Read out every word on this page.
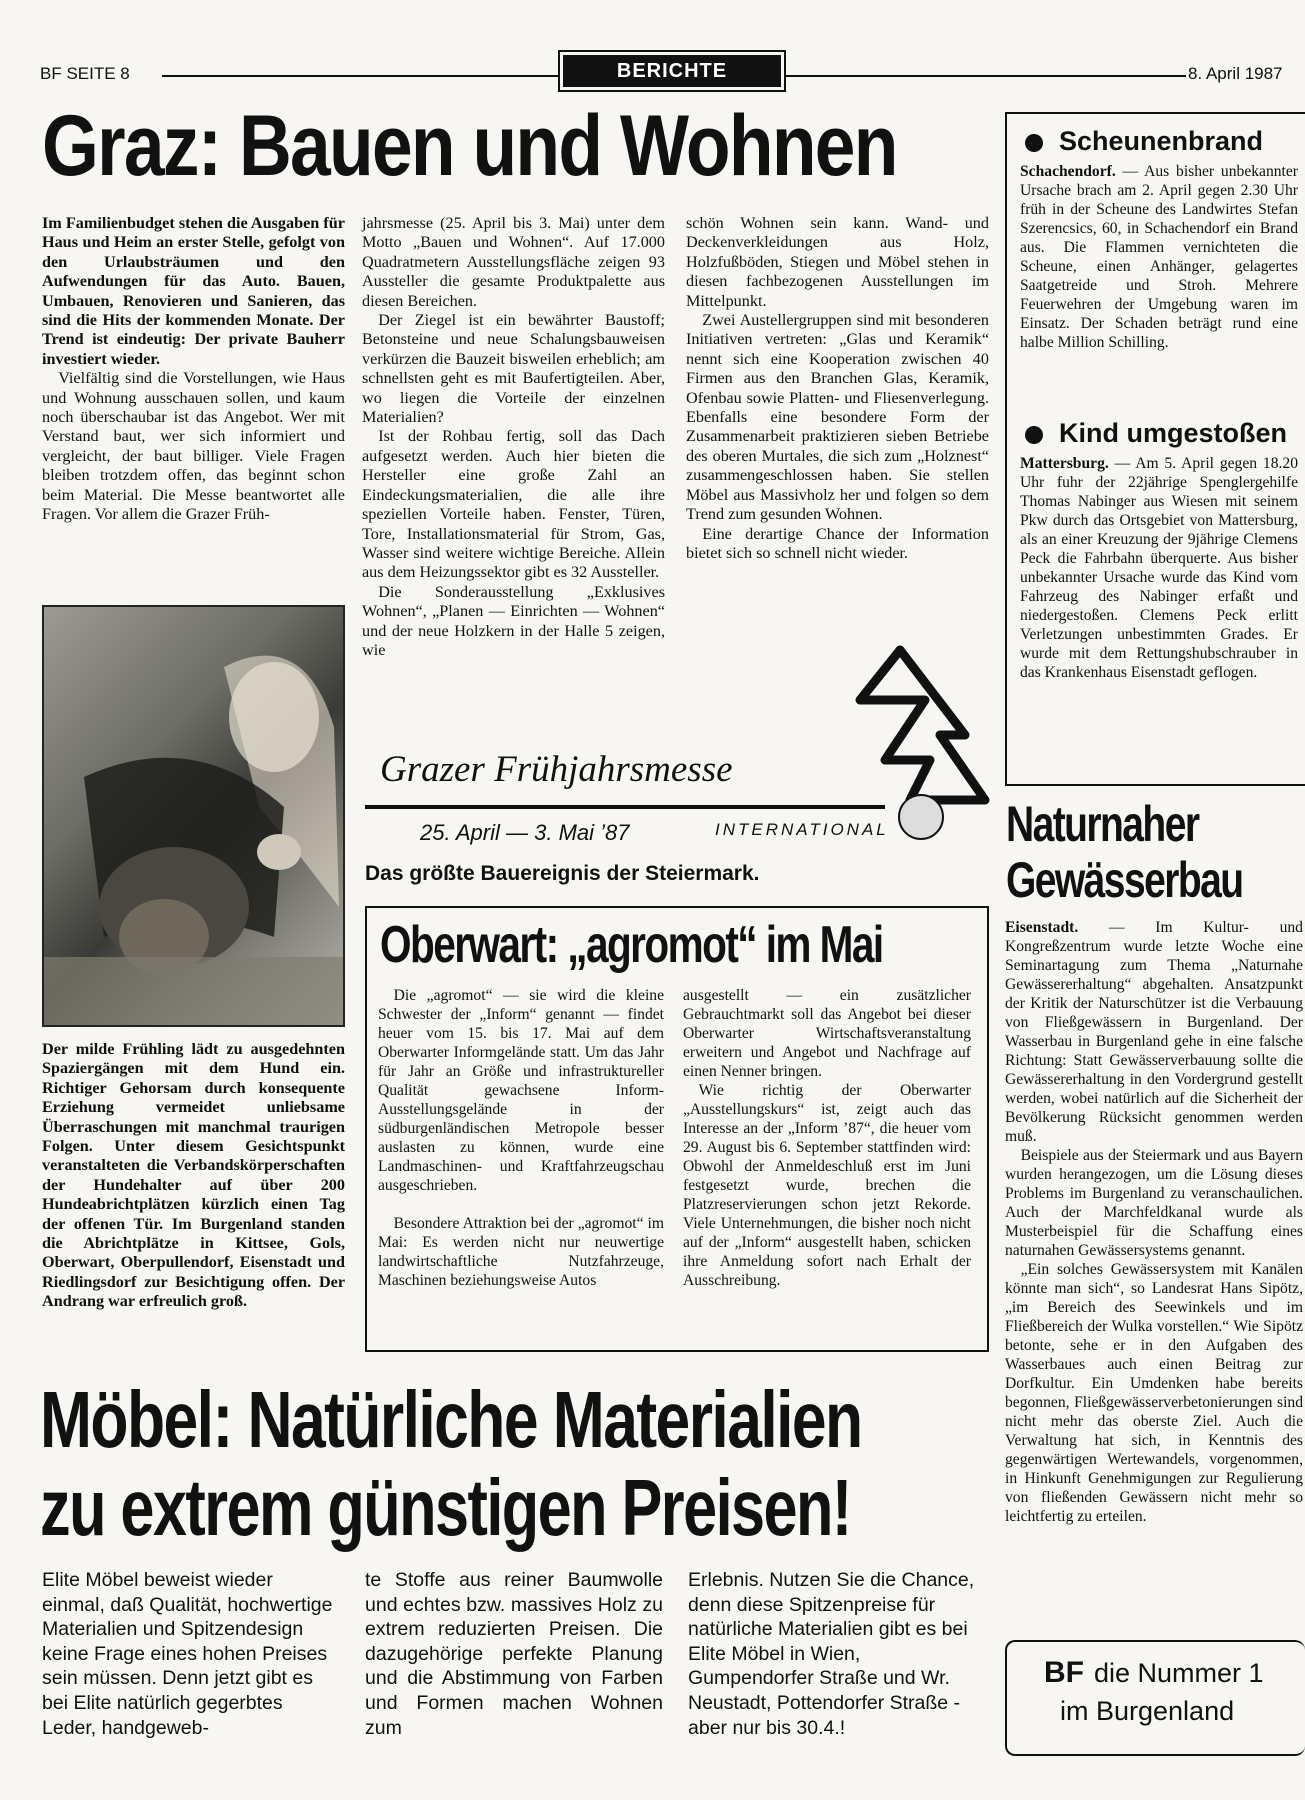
BF SEITE 8	BERICHTE	8. April 1987
Graz: Bauen und Wohnen

Im Familienbudget stehen die Ausgaben für Haus und Heim an erster Stelle, gefolgt von den Urlaubsträumen und den Aufwendungen für das Auto. Bauen, Umbauen, Renovieren und Sanieren, das sind die Hits der kommenden Monate. Der Trend ist eindeutig: Der private Bauherr investiert wieder.

Vielfältig sind die Vorstellungen, wie Haus und Wohnung ausschauen sollen, und kaum noch überschaubar ist das Angebot. Wer mit Verstand baut, wer sich informiert und vergleicht, der baut billiger. Viele Fragen bleiben trotzdem offen, das beginnt schon beim Material. Die Messe beantwortet alle Fragen. Vor allem die Grazer Früh-

Der milde Frühling lädt zu ausgedehnten Spaziergängen mit dem Hund ein. Richtiger Gehorsam durch konsequente Erziehung vermeidet unliebsame Überraschungen mit manchmal traurigen Folgen. Unter diesem Gesichtspunkt veranstalteten die Verbandskörperschaften der Hundehalter auf über 200 Hundeabrichtplätzen kürzlich einen Tag der offenen Tür. Im Burgenland standen die Abrichtplätze in Kittsee, Gols, Oberwart, Oberpullendorf, Eisenstadt und Riedlingsdorf zur Besichtigung offen. Der Andrang war erfreulich groß.

jahrsmesse (25. April bis 3. Mai) unter dem Motto „Bauen und Wohnen“. Auf 17.000 Quadratmetern Ausstellungsfläche zeigen 93 Aussteller die gesamte Produktpalette aus diesen Bereichen.

Der Ziegel ist ein bewährter Baustoff; Betonsteine und neue Schalungsbauweisen verkürzen die Bauzeit bisweilen erheblich; am schnellsten geht es mit Baufertigteilen. Aber, wo liegen die Vorteile der einzelnen Materialien?

Ist der Rohbau fertig, soll das Dach aufgesetzt werden. Auch hier bieten die Hersteller eine große Zahl an Eindeckungsmaterialien, die alle ihre speziellen Vorteile haben. Fenster, Türen, Tore, Installationsmaterial für Strom, Gas, Wasser sind weitere wichtige Bereiche. Allein aus dem Heizungssektor gibt es 32 Aussteller.

Die Sonderausstellung „Exklusives Wohnen“, „Planen — Einrichten — Wohnen“ und der neue Holzkern in der Halle 5 zeigen, wie

schön Wohnen sein kann. Wand- und Deckenverkleidungen aus Holz, Holzfußböden, Stiegen und Möbel stehen in diesen fachbezogenen Ausstellungen im Mittelpunkt.

Zwei Austellergruppen sind mit besonderen Initiativen vertreten: „Glas und Keramik“ nennt sich eine Kooperation zwischen 40 Firmen aus den Branchen Glas, Keramik, Ofenbau sowie Platten- und Fliesenverlegung. Ebenfalls eine besondere Form der Zusammenarbeit praktizieren sieben Betriebe des oberen Murtales, die sich zum „Holznest“ zusammengeschlossen haben. Sie stellen Möbel aus Massivholz her und folgen so dem Trend zum gesunden Wohnen.

Eine derartige Chance der Information bietet sich so schnell nicht wieder.

Grazer Frühjahrsmesse
25. April — 3. Mai ’87	INTERNATIONAL
Das größte Bauereignis der Steiermark.
Oberwart: „agromot“ im Mai

Die „agromot“ — sie wird die kleine Schwester der „Inform“ genannt — findet heuer vom 15. bis 17. Mai auf dem Oberwarter Informgelände statt. Um das Jahr für Jahr an Größe und infrastruktureller Qualität gewachsene Inform-Ausstellungsgelände in der südburgenländischen Metropole besser auslasten zu können, wurde eine Landmaschinen- und Kraftfahrzeugschau ausgeschrieben.

Besondere Attraktion bei der „agromot“ im Mai: Es werden nicht nur neuwertige landwirtschaftliche Nutzfahrzeuge, Maschinen beziehungsweise Autos

ausgestellt — ein zusätzlicher Gebrauchtmarkt soll das Angebot bei dieser Oberwarter Wirtschaftsveranstaltung erweitern und Angebot und Nachfrage auf einen Nenner bringen.

Wie richtig der Oberwarter „Ausstellungskurs“ ist, zeigt auch das Interesse an der „Inform ’87“, die heuer vom 29. August bis 6. September stattfinden wird: Obwohl der Anmeldeschluß erst im Juni festgesetzt wurde, brechen die Platzreservierungen schon jetzt Rekorde. Viele Unternehmungen, die bisher noch nicht auf der „Inform“ ausgestellt haben, schicken ihre Anmeldung sofort nach Erhalt der Ausschreibung.

Scheunenbrand

Schachendorf. — Aus bisher unbekannter Ursache brach am 2. April gegen 2.30 Uhr früh in der Scheune des Landwirtes Stefan Szerencsics, 60, in Schachendorf ein Brand aus. Die Flammen vernichteten die Scheune, einen Anhänger, gelagertes Saatgetreide und Stroh. Mehrere Feuerwehren der Umgebung waren im Einsatz. Der Schaden beträgt rund eine halbe Million Schilling.

Kind umgestoßen

Mattersburg. — Am 5. April gegen 18.20 Uhr fuhr der 22jährige Spenglergehilfe Thomas Nabinger aus Wiesen mit seinem Pkw durch das Ortsgebiet von Mattersburg, als an einer Kreuzung der 9jährige Clemens Peck die Fahrbahn überquerte. Aus bisher unbekannter Ursache wurde das Kind vom Fahrzeug des Nabinger erfaßt und niedergestoßen. Clemens Peck erlitt Verletzungen unbestimmten Grades. Er wurde mit dem Rettungshubschrauber in das Krankenhaus Eisenstadt geflogen.

Naturnaher
Gewässerbau

Eisenstadt. — Im Kultur- und Kongreßzentrum wurde letzte Woche eine Seminartagung zum Thema „Naturnahe Gewässererhaltung“ abgehalten. Ansatzpunkt der Kritik der Naturschützer ist die Verbauung von Fließgewässern in Burgenland. Der Wasserbau in Burgenland gehe in eine falsche Richtung: Statt Gewässerverbauung sollte die Gewässererhaltung in den Vordergrund gestellt werden, wobei natürlich auf die Sicherheit der Bevölkerung Rücksicht genommen werden muß.

Beispiele aus der Steiermark und aus Bayern wurden herangezogen, um die Lösung dieses Problems im Burgenland zu veranschaulichen. Auch der Marchfeldkanal wurde als Musterbeispiel für die Schaffung eines naturnahen Gewässersystems genannt.

„Ein solches Gewässersystem mit Kanälen könnte man sich“, so Landesrat Hans Sipötz, „im Bereich des Seewinkels und im Fließbereich der Wulka vorstellen.“ Wie Sipötz betonte, sehe er in den Aufgaben des Wasserbaues auch einen Beitrag zur Dorfkultur. Ein Umdenken habe bereits begonnen, Fließgewässerverbetonierungen sind nicht mehr das oberste Ziel. Auch die Verwaltung hat sich, in Kenntnis des gegenwärtigen Wertewandels, vorgenommen, in Hinkunft Genehmigungen zur Regulierung von fließenden Gewässern nicht mehr so leichtfertig zu erteilen.

BF die Nummer 1
im Burgenland
Möbel: Natürliche Materialien
zu extrem günstigen Preisen!
Elite Möbel beweist wieder einmal, daß Qualität, hochwertige Materialien und Spitzendesign keine Frage eines hohen Preises sein müssen. Denn jetzt gibt es bei Elite natürlich gegerbtes Leder, handgeweb-
te Stoffe aus reiner Baumwolle und echtes bzw. massives Holz zu extrem reduzierten Preisen. Die dazugehörige perfekte Planung und die Abstimmung von Farben und Formen machen Wohnen zum
Erlebnis. Nutzen Sie die Chance, denn diese Spitzenpreise für natürliche Materialien gibt es bei Elite Möbel in Wien, Gumpendorfer Straße und Wr. Neustadt, Pottendorfer Straße - aber nur bis 30.4.!
